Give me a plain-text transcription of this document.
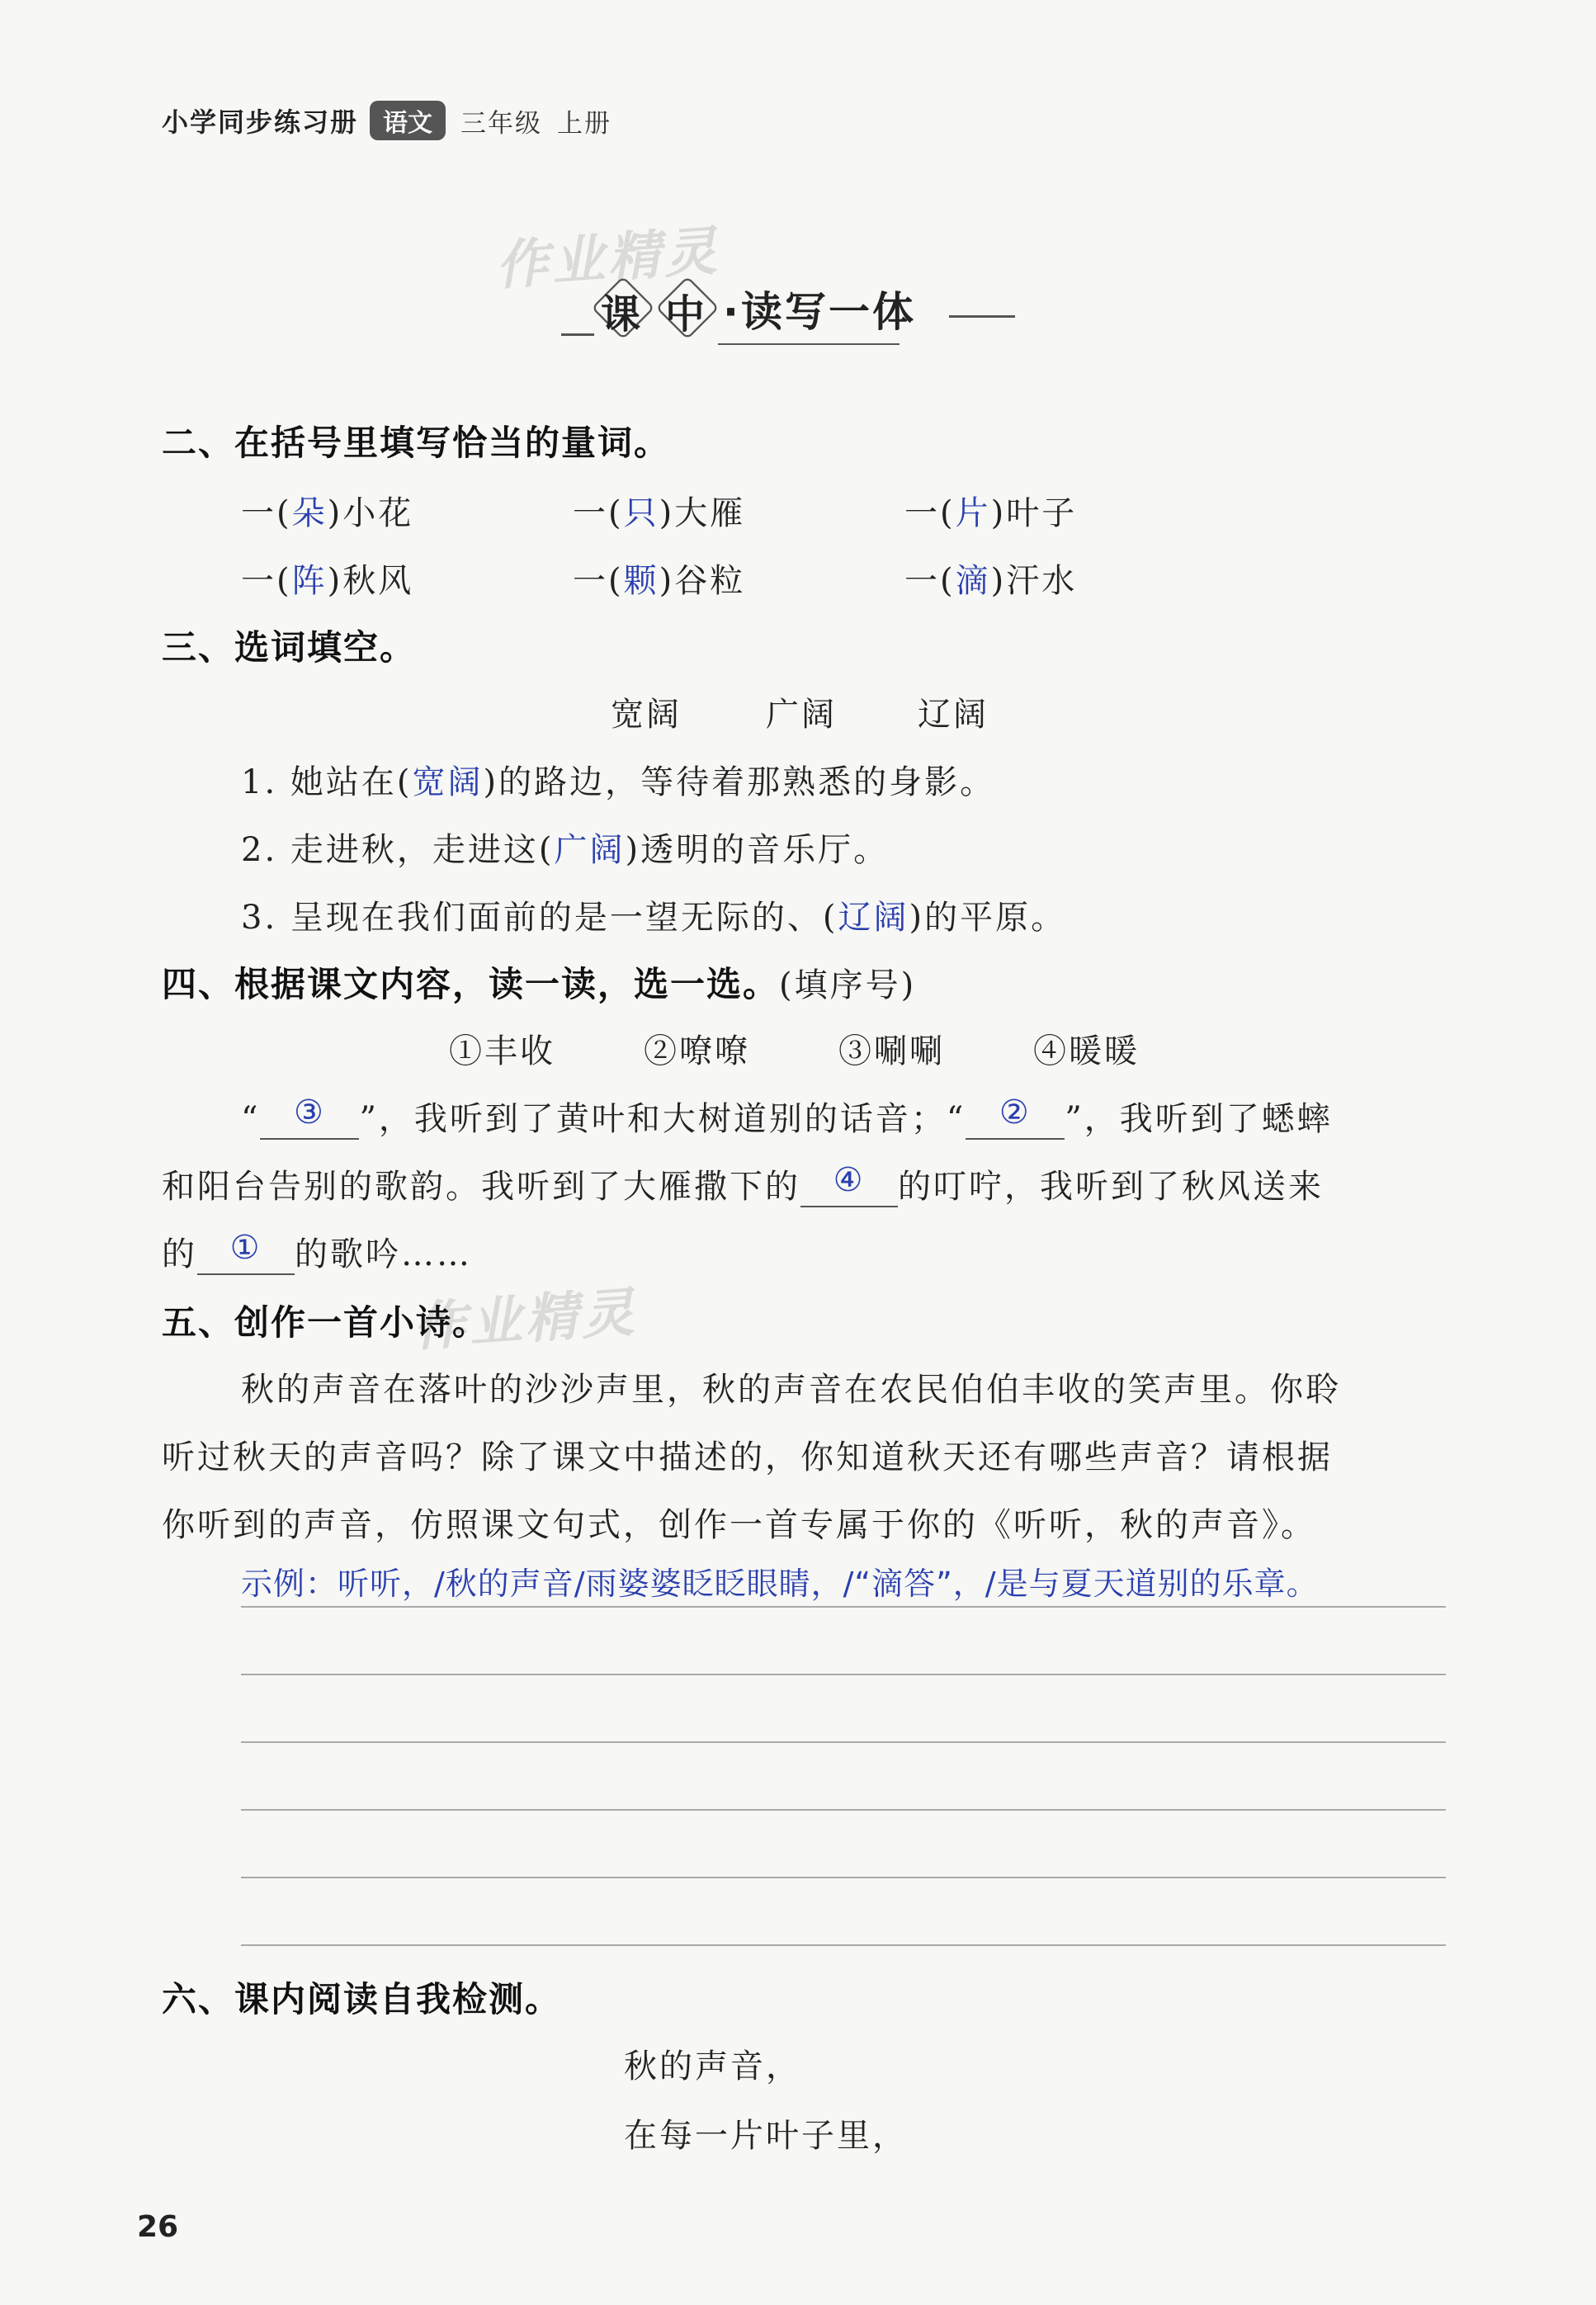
小学同步练习册	语文	三年级 上册
作业精灵
作业精灵
课 中 ·读写一体
二、在括号里填写恰当的量词。
一(朵)小花	一(只)大雁	一(片)叶子
一(阵)秋风	一(颗)谷粒	一(滴)汗水
三、选词填空。
宽阔	广阔 辽阔
1. 她站在(宽阔)的路边，等待着那熟悉的身影。
2. 走进秋，走进这(广阔)透明的音乐厅。
3. 呈现在我们面前的是一望无际的、(辽阔)的平原。
四、根据课文内容，读一读，选一选。(填序号)
①丰收	②嘹嘹	③唰唰	④暖暖
“ ③ ”，我听到了黄叶和大树道别的话音；“ ② ”，我听到了蟋蟀
和阳台告别的歌韵。我听到了大雁撒下的 ④ 的叮咛，我听到了秋风送来
的 ① 的歌吟……
五、创作一首小诗。
秋的声音在落叶的沙沙声里，秋的声音在农民伯伯丰收的笑声里。你聆
听过秋天的声音吗？除了课文中描述的，你知道秋天还有哪些声音？请根据
你听到的声音，仿照课文句式，创作一首专属于你的《听听，秋的声音》。
示例：听听，/秋的声音/雨婆婆眨眨眼睛，/“滴答”，/是与夏天道别的乐章。
六、课内阅读自我检测。
秋的声音，
在每一片叶子里，
26
